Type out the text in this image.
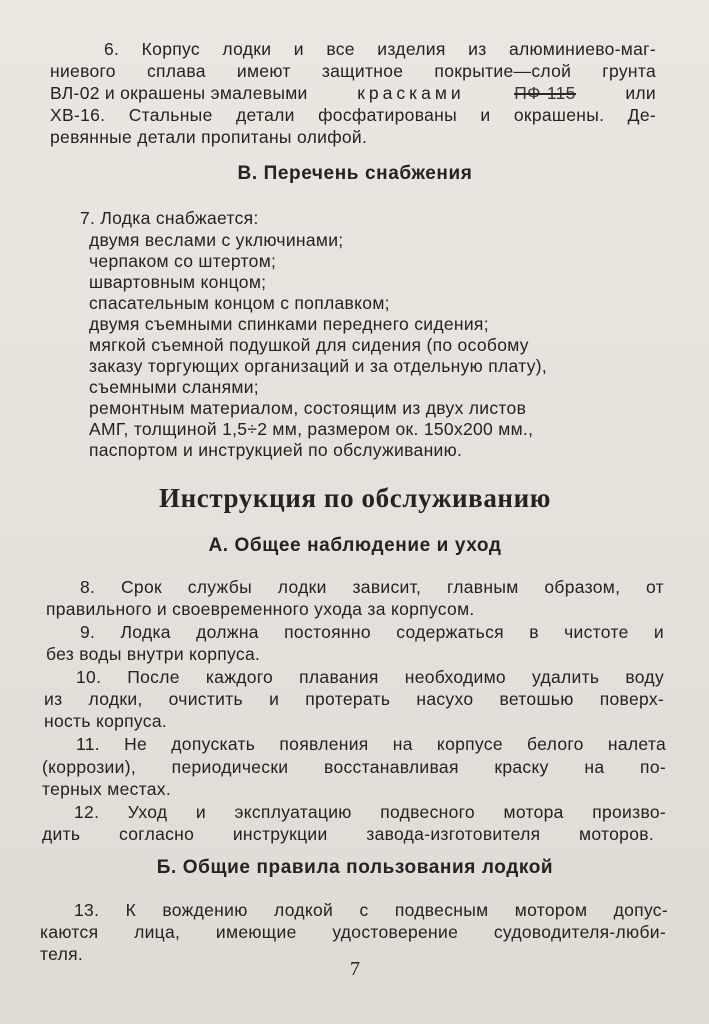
6. Корпус лодки и все изделия из алюминиево-маг-
ниевого сплава имеют защитное покрытие—слой грунта
ВЛ-02 и окрашены эмалевыми	красками	ПФ-115	или
ХВ-16. Стальные детали фосфатированы и окрашены. Де-
ревянные детали пропитаны олифой.
В. Перечень снабжения
7. Лодка снабжается:
двумя веслами с уключинами;
черпаком со штертом;
швартовным концом;
спасательным концом с поплавком;
двумя съемными спинками переднего сидения;
мягкой съемной подушкой для сидения (по особому
заказу торгующих организаций и за отдельную плату),
съемными сланями;
ремонтным материалом, состоящим из двух листов
АМГ, толщиной 1,5÷2 мм, размером ок. 150х200 мм.,
паспортом и инструкцией по обслуживанию.
Инструкция по обслуживанию
А. Общее наблюдение и уход
8. Срок службы лодки зависит, главным образом, от
правильного и своевременного ухода за корпусом.
9. Лодка должна постоянно содержаться в чистоте и
без воды внутри корпуса.
10. После каждого плавания необходимо удалить воду
из лодки, очистить и протерать насухо ветошью поверх-
ность корпуса.
11. Не допускать появления на корпусе белого налета
(коррозии), периодически восстанавливая краску на по-
терных местах.
12. Уход и эксплуатацию подвесного мотора произво-
дить согласно инструкции завода-изготовителя моторов.
Б. Общие правила пользования лодкой
13. К вождению лодкой с подвесным мотором допус-
каются лица, имеющие удостоверение судоводителя-люби-
теля.
7
